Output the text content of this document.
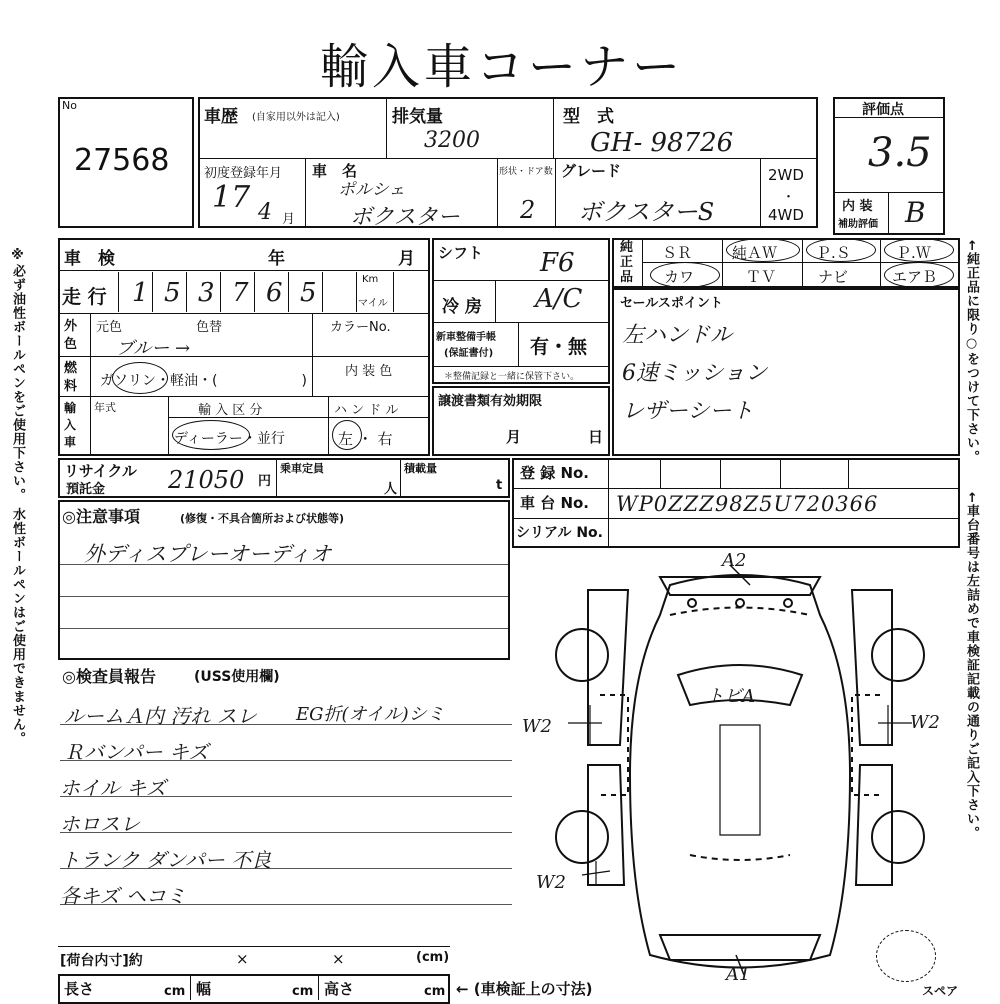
輸入車コーナー
※必ず油性ボールペンをご使用下さい。 水性ボールペンはご使用できません。	←純正品に限り○をつけて下さい。
←車台番号は左詰めで車検証記載の通りご記入下さい。
No
27568
車歴 (自家用以外は記入)	排気量
3200
型　式
GH- 98726
初度登録年月
17 4 月
車　名
ポルシェ
ボクスター
形状・ドア数
2
グレード
ボクスターS
2WD
・
4WD
評価点
3.5
内 装
補助評価 B
車　検	年	月
走 行 1 5 3 7 6 5	Km
マイル
外色
元色	色替	カラーNo.
ブルー →
燃料	ガソリン・軽油・(　　　　　　)
内 装 色
輸入車
年式	輸 入 区 分
ディーラー・並行
ハ ン ド ル
左 ・ 右
シフト F6
冷 房 A/C
新車整備手帳
(保証書付) 有・無
＊整備記録と一緒に保管下さい。
譲渡書類有効期限
月	日
純正品
ＳＲ	純ＡＷ	Ｐ.Ｓ	Ｐ.Ｗ
カワ	ＴＶ	ナビ	エアＢ
セールスポイント
左ハンドル
6速ミッション
レザーシート
リサイクル
預託金	21050 円
乗車定員
人
積載量
t
登 録 No.
車 台 No. WP0ZZZ98Z5U720366
シリアル No.
◎注意事項	(修復・不具合箇所および状態等)
外ディスプレーオーディオ
◎検査員報告	(USS使用欄)
ルームＡ内 汚れ スレ EG折(オイル)シミ
Ｒバンパー キズ
ホイル キズ
ホロスレ
トランク ダンパー 不良
各キズ ヘコミ
A2
W2	W2
W2
A1
トビA
スペア
[荷台内寸]約	×	×	(cm)
長さ	cm 幅	cm 高さ	cm ← (車検証上の寸法)
